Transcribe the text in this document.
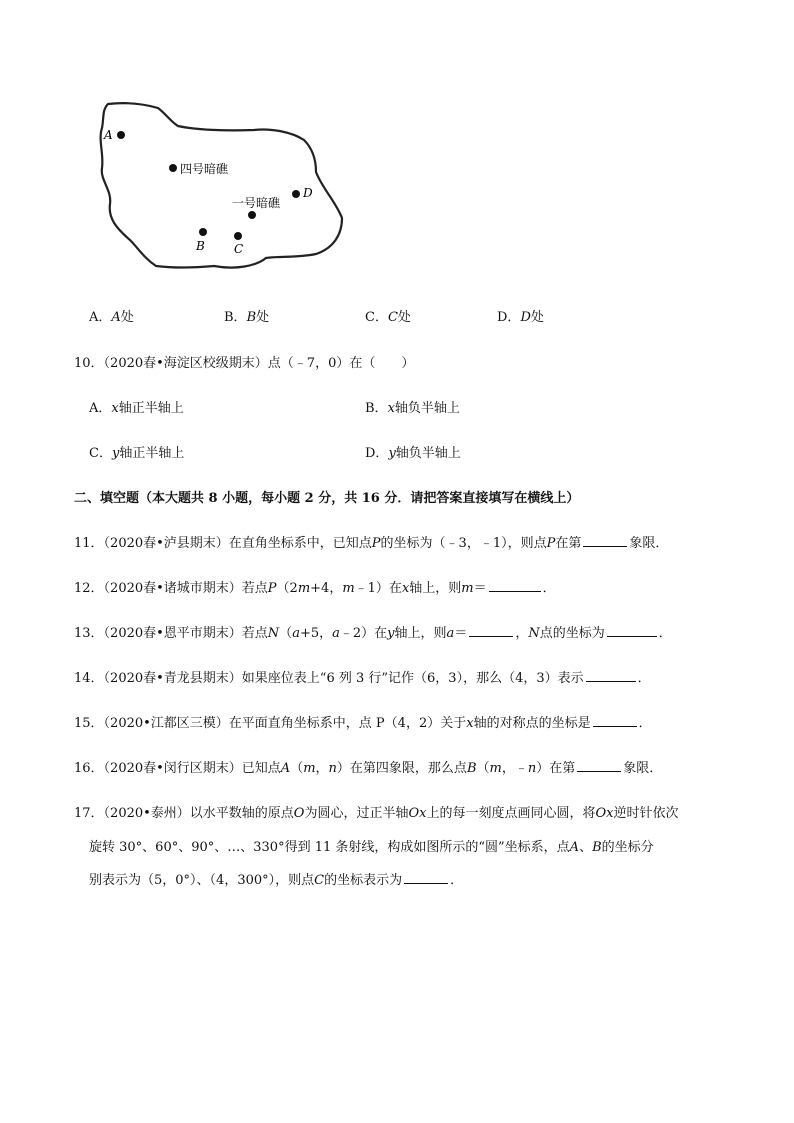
A
四号暗礁
D
一号暗礁
B C
A．A处	B．B处	C．C处	D．D处
10．（2020春•海淀区校级期末）点（﹣7，0）在（　　）
A．x轴正半轴上	B．x轴负半轴上
C．y轴正半轴上	D．y轴负半轴上
二、填空题（本大题共 8 小题，每小题 2 分，共 16 分．请把答案直接填写在横线上）
11．（2020春•泸县期末）在直角坐标系中，已知点P的坐标为（﹣3，﹣1），则点P在第	象限．
12．（2020春•诸城市期末）若点P（2m+4，m﹣1）在x轴上，则m＝	．
13．（2020春•恩平市期末）若点N（a+5，a﹣2）在y轴上，则a＝	，N点的坐标为	．
14．（2020春•青龙县期末）如果座位表上“6 列 3 行”记作（6，3），那么（4，3）表示	．
15．（2020•江都区三模）在平面直角坐标系中，点 P（4，2）关于x轴的对称点的坐标是	．
16．（2020春•闵行区期末）已知点A（m，n）在第四象限，那么点B（m，﹣n）在第	象限．
17．（2020•泰州）以水平数轴的原点O为圆心，过正半轴Ox上的每一刻度点画同心圆，将Ox逆时针依次
旋转 30°、60°、90°、…、330°得到 11 条射线，构成如图所示的“圆”坐标系，点A、B的坐标分
别表示为（5，0°）、（4，300°），则点C的坐标表示为	．
